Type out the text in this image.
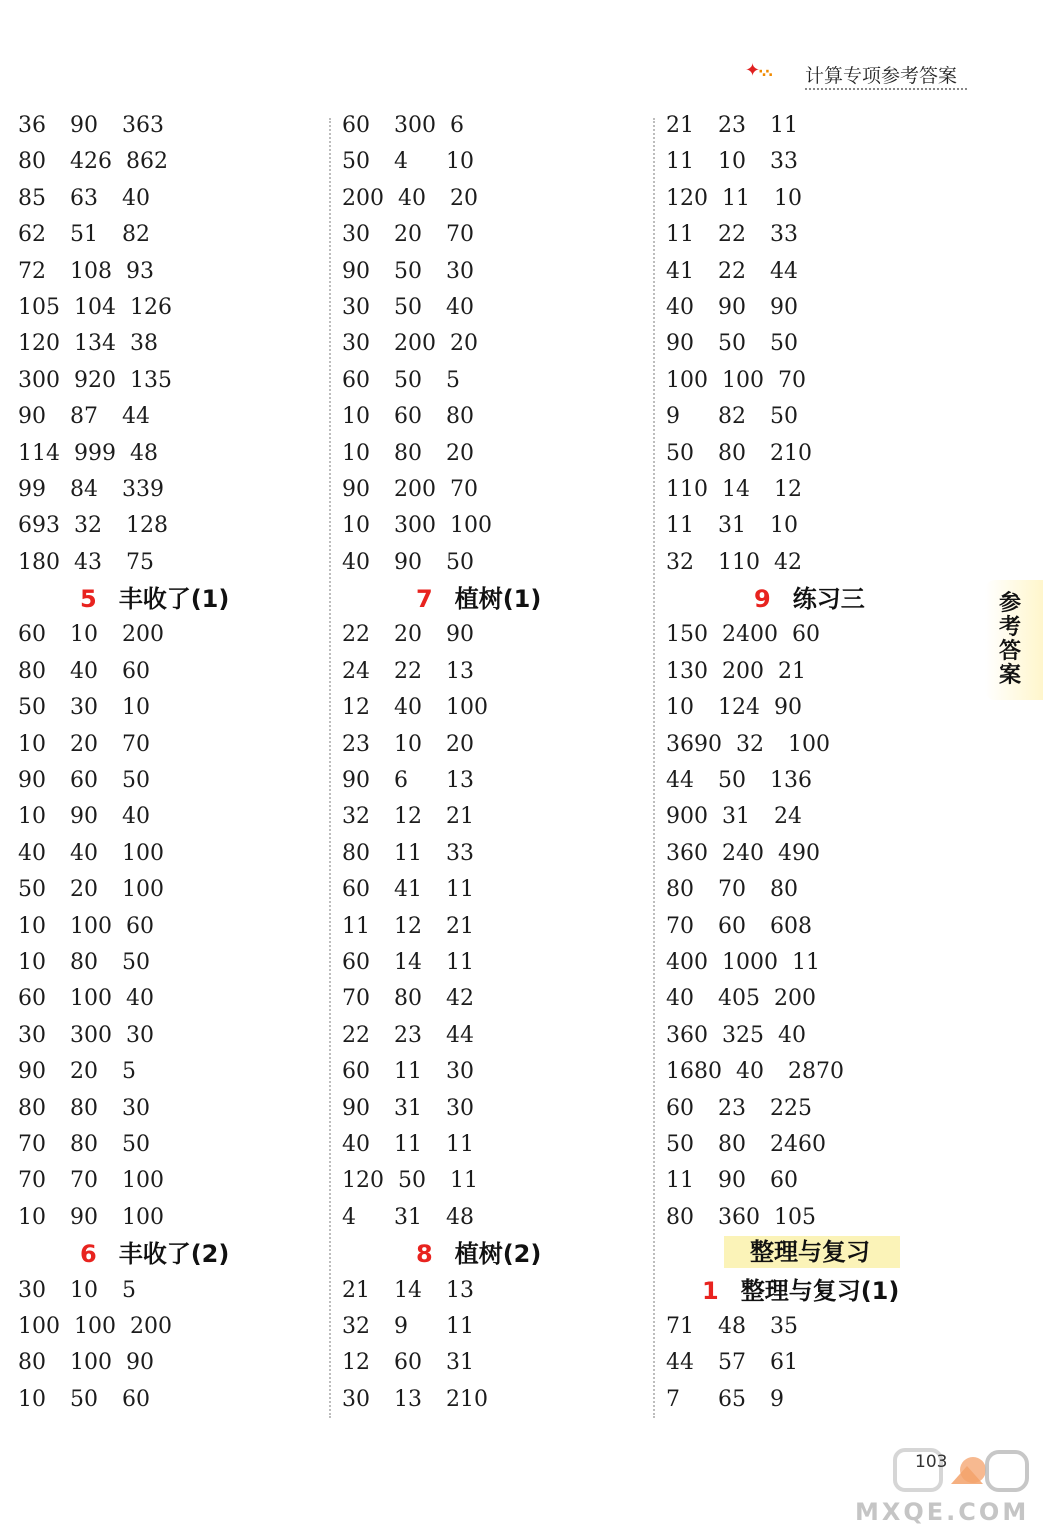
✦·.·. 计算专项参考答案
36 90 363
80 426 862
85 63 40
62 51 82
72 108 93
105 104 126
120 134 38
300 920 135
90 87 44
114 999 48
99 84 339
693 32 128
180 43 75
5 丰收了(1)
60 10 200
80 40 60
50 30 10
10 20 70
90 60 50
10 90 40
40 40 100
50 20 100
10 100 60
10 80 50
60 100 40
30 300 30
90 20 5
80 80 30
70 80 50
70 70 100
10 90 100
6 丰收了(2)
30 10 5
100 100 200
80 100 90
10 50 60
60 300 6
50 4 10
200 40 20
30 20 70
90 50 30
30 50 40
30 200 20
60 50 5
10 60 80
10 80 20
90 200 70
10 300 100
40 90 50
7 植树(1)
22 20 90
24 22 13
12 40 100
23 10 20
90 6 13
32 12 21
80 11 33
60 41 11
11 12 21
60 14 11
70 80 42
22 23 44
60 11 30
90 31 30
40 11 11
120 50 11
4 31 48
8 植树(2)
21 14 13
32 9 11
12 60 31
30 13 210
21 23 11
11 10 33
120 11 10
11 22 33
41 22 44
40 90 90
90 50 50
100 100 70
9 82 50
50 80 210
110 14 12
11 31 10
32 110 42
9 练习三
150 2400 60
130 200 21
10 124 90
3690 32 100
44 50 136
900 31 24
360 240 490
80 70 80
70 60 608
400 1000 11
40 405 200
360 325 40
1680 40 2870
60 23 225
50 80 2460
11 90 60
80 360 105
整理与复习
1 整理与复习(1)
71 48 35
44 57 61
7 65 9
参考答案
MXQE.COM
103
